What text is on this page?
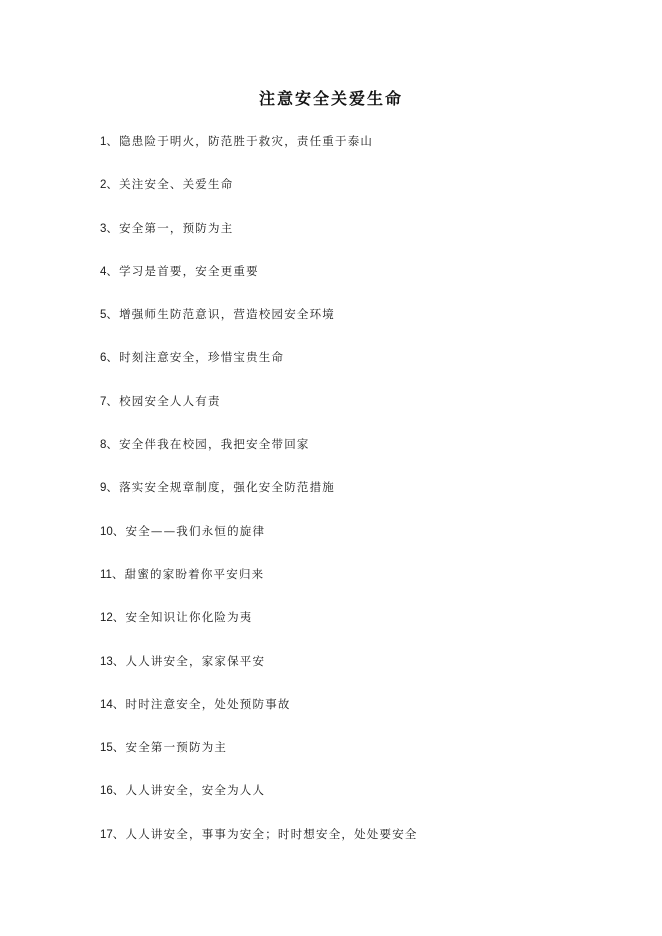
注意安全关爱生命
1、隐患险于明火，防范胜于救灾，责任重于泰山
2、关注安全、关爱生命
3、安全第一，预防为主
4、学习是首要，安全更重要
5、增强师生防范意识，营造校园安全环境
6、时刻注意安全，珍惜宝贵生命
7、校园安全人人有责
8、安全伴我在校园，我把安全带回家
9、落实安全规章制度，强化安全防范措施
10、安全——我们永恒的旋律
11、甜蜜的家盼着你平安归来
12、安全知识让你化险为夷
13、人人讲安全，家家保平安
14、时时注意安全，处处预防事故
15、安全第一预防为主
16、人人讲安全，安全为人人
17、人人讲安全，事事为安全；时时想安全，处处要安全
